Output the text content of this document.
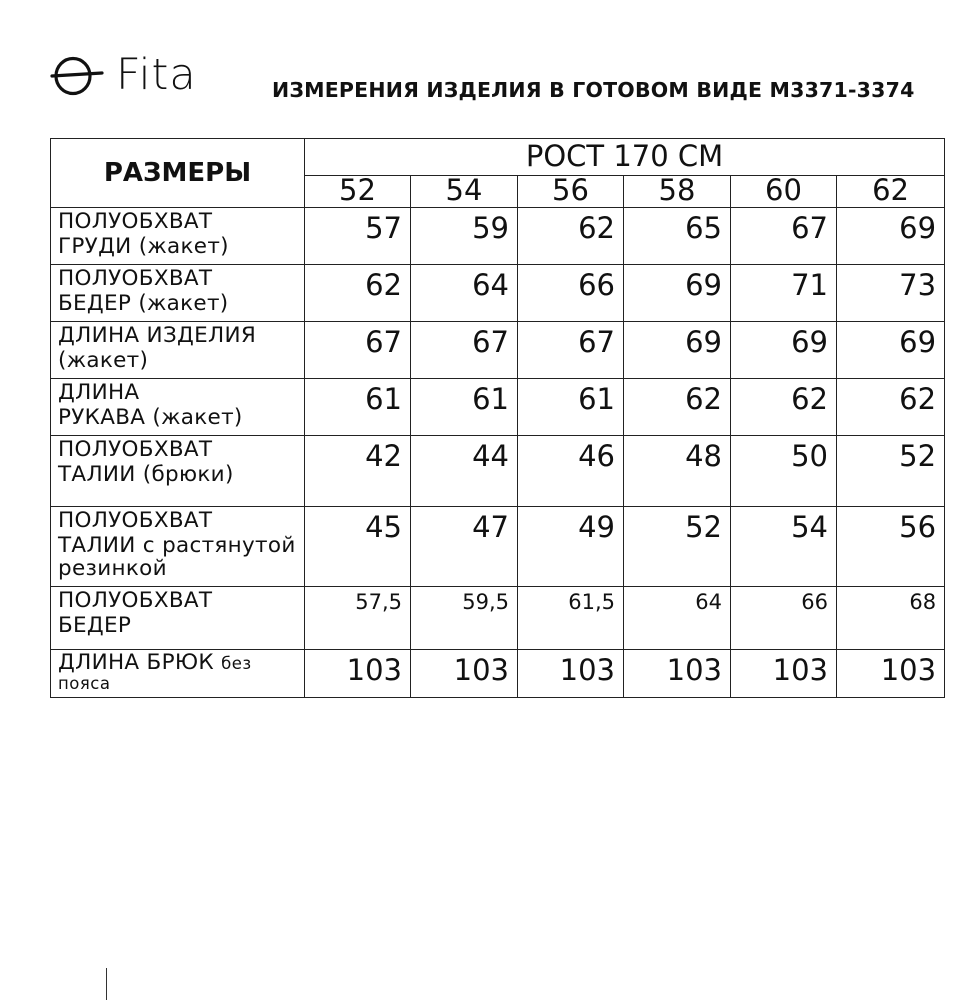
Fita	ИЗМЕРЕНИЯ ИЗДЕЛИЯ В ГОТОВОМ ВИДЕ М3371-3374
РАЗМЕРЫ	РОСТ 170 СМ					
	52	54	56	58	60	62

ПОЛУОБХВАТ
ГРУДИ (жакет)	57	59	62	65	67	69

ПОЛУОБХВАТ
БЕДЕР (жакет)	62	64	66	69	71	73

ДЛИНА ИЗДЕЛИЯ
(жакет)	67	67	67	69	69	69

ДЛИНА
РУКАВА (жакет)	61	61	61	62	62	62

ПОЛУОБХВАТ
ТАЛИИ (брюки)	42	44	46	48	50	52

ПОЛУОБХВАТ
ТАЛИИ с растянутой
резинкой	45	47	49	52	54	56

ПОЛУОБХВАТ
БЕДЕР	57,5	59,5	61,5	64	66	68

ДЛИНА БРЮК без
пояса	103	103	103	103	103	103
